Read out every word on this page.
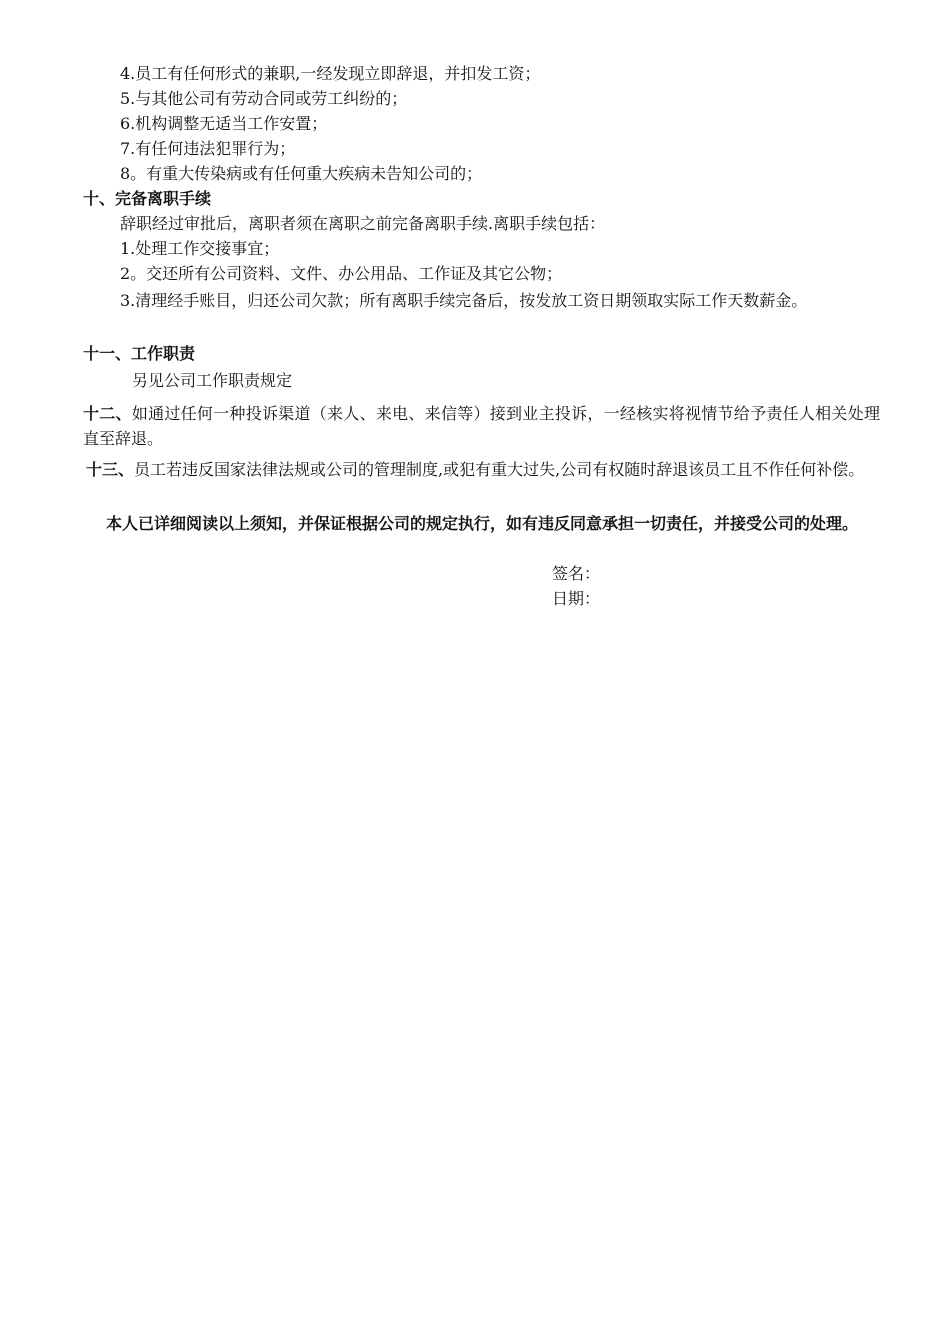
4.员工有任何形式的兼职,一经发现立即辞退，并扣发工资；

5.与其他公司有劳动合同或劳工纠纷的；

6.机构调整无适当工作安置；

7.有任何违法犯罪行为；

8。有重大传染病或有任何重大疾病未告知公司的；

十、完备离职手续

辞职经过审批后，离职者须在离职之前完备离职手续.离职手续包括：

1.处理工作交接事宜；

2。交还所有公司资料、文件、办公用品、工作证及其它公物；

3.清理经手账目，归还公司欠款；所有离职手续完备后，按发放工资日期领取实际工作天数薪金。

十一、工作职责

另见公司工作职责规定

十二、如通过任何一种投诉渠道（来人、来电、来信等）接到业主投诉，一经核实将视情节给予责任人相关处理直至辞退。
十三、员工若违反国家法律法规或公司的管理制度,或犯有重大过失,公司有权随时辞退该员工且不作任何补偿。

本人已详细阅读以上须知，并保证根据公司的规定执行，如有违反同意承担一切责任，并接受公司的处理。

签名：

日期：
